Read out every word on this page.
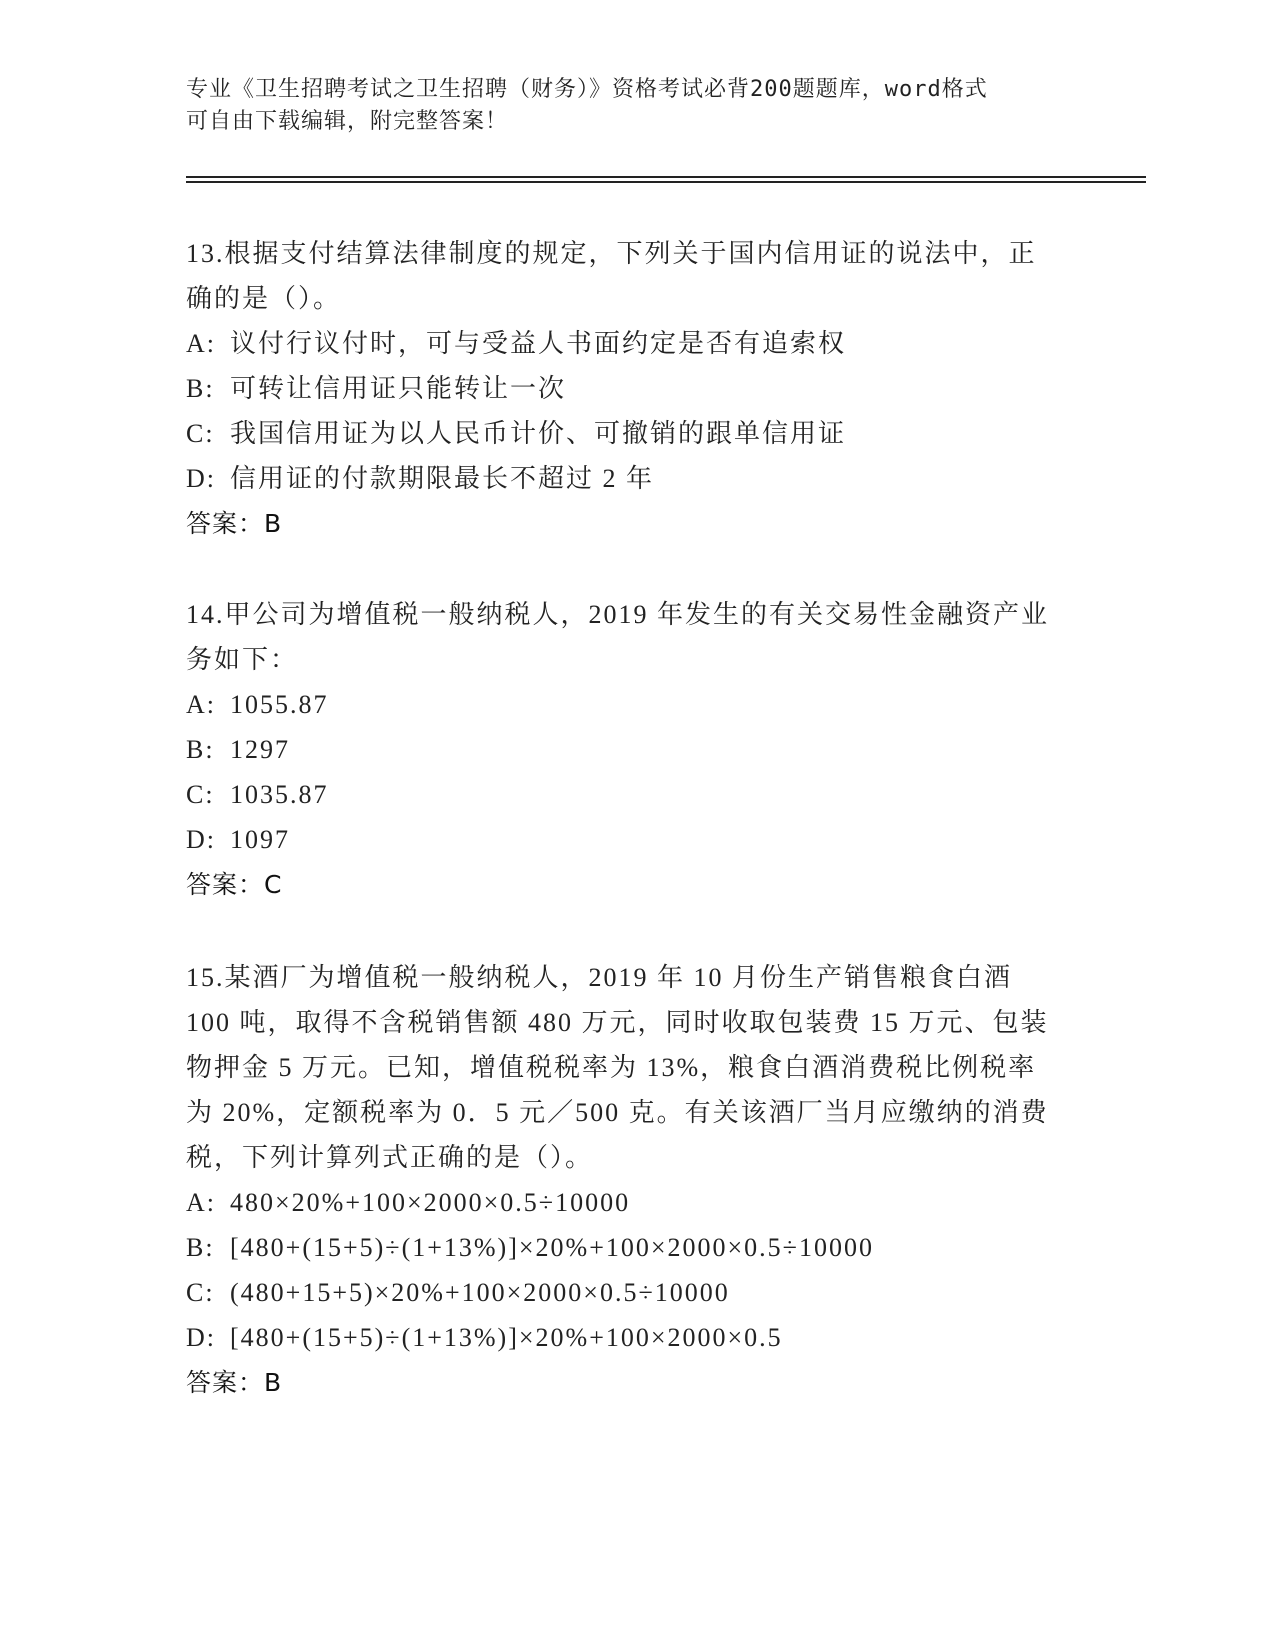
专业《卫生招聘考试之卫生招聘（财务）》资格考试必背200题题库，word格式
可自由下载编辑，附完整答案！
13.根据支付结算法律制度的规定，下列关于国内信用证的说法中，正
确的是（）。
A: 议付行议付时，可与受益人书面约定是否有追索权
B: 可转让信用证只能转让一次
C: 我国信用证为以人民币计价、可撤销的跟单信用证
D: 信用证的付款期限最长不超过 2 年
答案：B
14.甲公司为增值税一般纳税人，2019 年发生的有关交易性金融资产业
务如下：
A: 1055.87
B: 1297
C: 1035.87
D: 1097
答案：C
15.某酒厂为增值税一般纳税人，2019 年 10 月份生产销售粮食白酒
100 吨，取得不含税销售额 480 万元，同时收取包装费 15 万元、包装
物押金 5 万元。已知，增值税税率为 13%，粮食白酒消费税比例税率
为 20%，定额税率为 0．5 元／500 克。有关该酒厂当月应缴纳的消费
税，下列计算列式正确的是（）。
A: 480×20%+100×2000×0.5÷10000
B: [480+(15+5)÷(1+13%)]×20%+100×2000×0.5÷10000
C: (480+15+5)×20%+100×2000×0.5÷10000
D: [480+(15+5)÷(1+13%)]×20%+100×2000×0.5
答案：B
